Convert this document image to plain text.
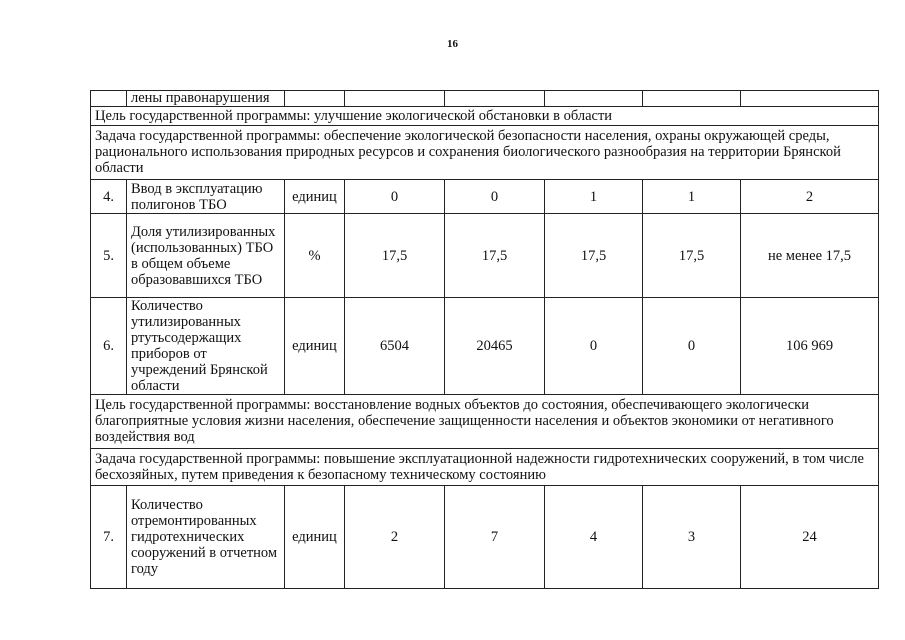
16
	лены правонарушения						
Цель государственной программы: улучшение экологической обстановки в области							
Задача государственной программы: обеспечение экологической безопасности населения, охраны окружающей среды, рационального использования природных ресурсов и сохранения биологического разнообразия на территории Брянской области							
4.	Ввод в эксплуатацию полигонов ТБО	единиц	0	0	1	1	2
5.	Доля утилизированных (использованных) ТБО в общем объеме образовавшихся ТБО	%	17,5	17,5	17,5	17,5	не менее 17,5
6.	Количество утилизированных ртутьсодержащих приборов от учреждений Брянской области	единиц	6504	20465	0	0	106 969
Цель государственной программы: восстановление водных объектов до состояния, обеспечивающего экологически благоприятные условия жизни населения, обеспечение защищенности населения и объектов экономики от негативного воздействия вод							
Задача государственной программы: повышение эксплуатационной надежности гидротехнических сооружений, в том числе бесхозяйных, путем приведения к безопасному техническому состоянию							
7.	Количество отремонтированных гидротехнических сооружений в отчетном году	единиц	2	7	4	3	24
